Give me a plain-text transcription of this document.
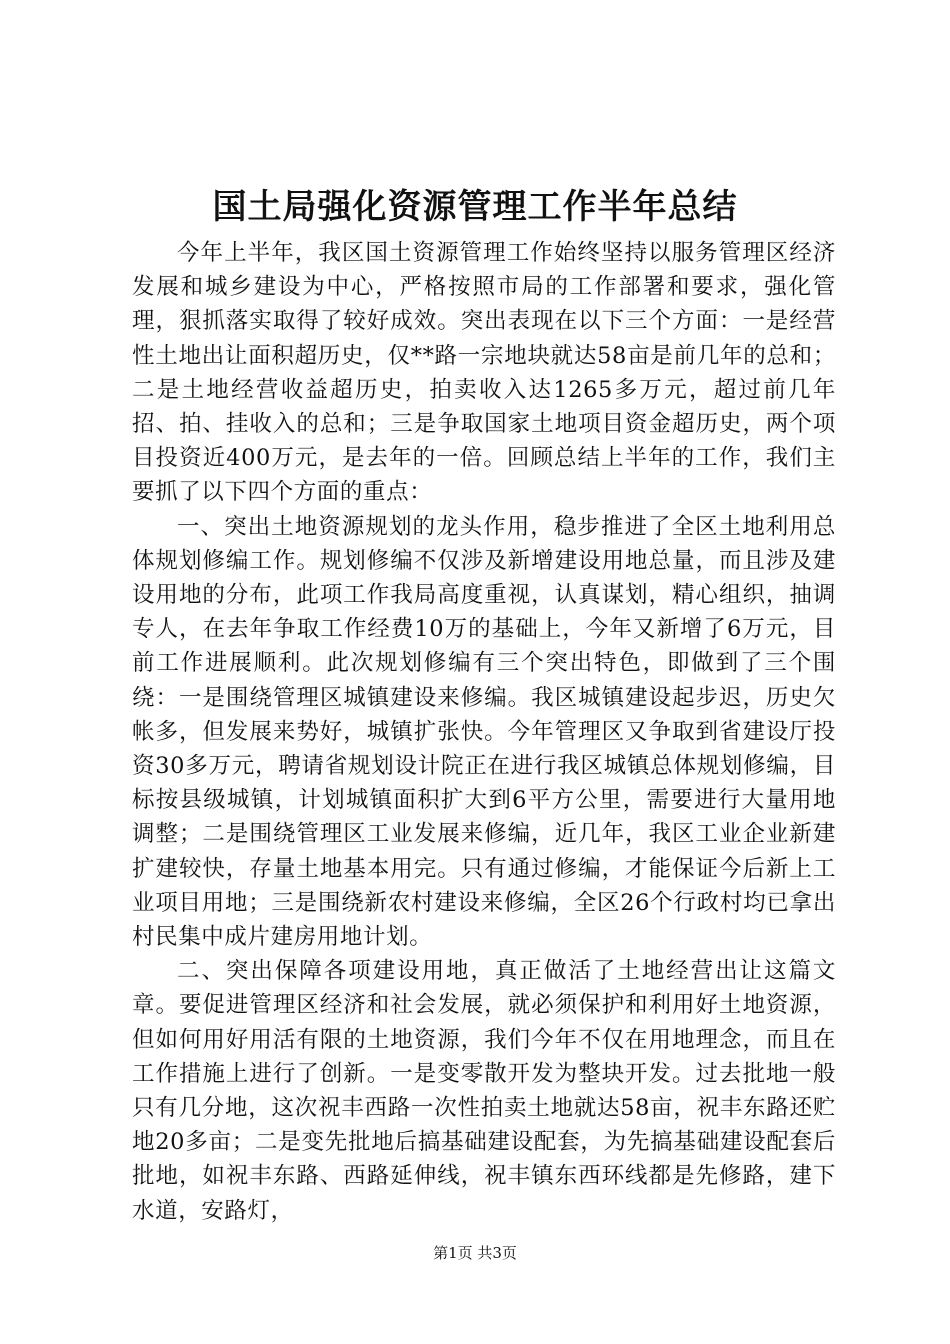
国土局强化资源管理工作半年总结

今年上半年，我区国土资源管理工作始终坚持以服务管理区经济发展和城乡建设为中心，严格按照市局的工作部署和要求，强化管理，狠抓落实取得了较好成效。突出表现在以下三个方面：一是经营性土地出让面积超历史，仅**路一宗地块就达58亩是前几年的总和；二是土地经营收益超历史，拍卖收入达1265多万元，超过前几年招、拍、挂收入的总和；三是争取国家土地项目资金超历史，两个项目投资近400万元，是去年的一倍。回顾总结上半年的工作，我们主要抓了以下四个方面的重点：

一、突出土地资源规划的龙头作用，稳步推进了全区土地利用总体规划修编工作。规划修编不仅涉及新增建设用地总量，而且涉及建设用地的分布，此项工作我局高度重视，认真谋划，精心组织，抽调专人，在去年争取工作经费10万的基础上，今年又新增了6万元，目前工作进展顺利。此次规划修编有三个突出特色，即做到了三个围绕：一是围绕管理区城镇建设来修编。我区城镇建设起步迟，历史欠帐多，但发展来势好，城镇扩张快。今年管理区又争取到省建设厅投资30多万元，聘请省规划设计院正在进行我区城镇总体规划修编，目标按县级城镇，计划城镇面积扩大到6平方公里，需要进行大量用地调整；二是围绕管理区工业发展来修编，近几年，我区工业企业新建扩建较快，存量土地基本用完。只有通过修编，才能保证今后新上工业项目用地；三是围绕新农村建设来修编，全区26个行政村均已拿出村民集中成片建房用地计划。

二、突出保障各项建设用地，真正做活了土地经营出让这篇文章。要促进管理区经济和社会发展，就必须保护和利用好土地资源，但如何用好用活有限的土地资源，我们今年不仅在用地理念，而且在工作措施上进行了创新。一是变零散开发为整块开发。过去批地一般只有几分地，这次祝丰西路一次性拍卖土地就达58亩，祝丰东路还贮地20多亩；二是变先批地后搞基础建设配套，为先搞基础建设配套后批地，如祝丰东路、西路延伸线，祝丰镇东西环线都是先修路，建下水道，安路灯，

第1页 共3页
